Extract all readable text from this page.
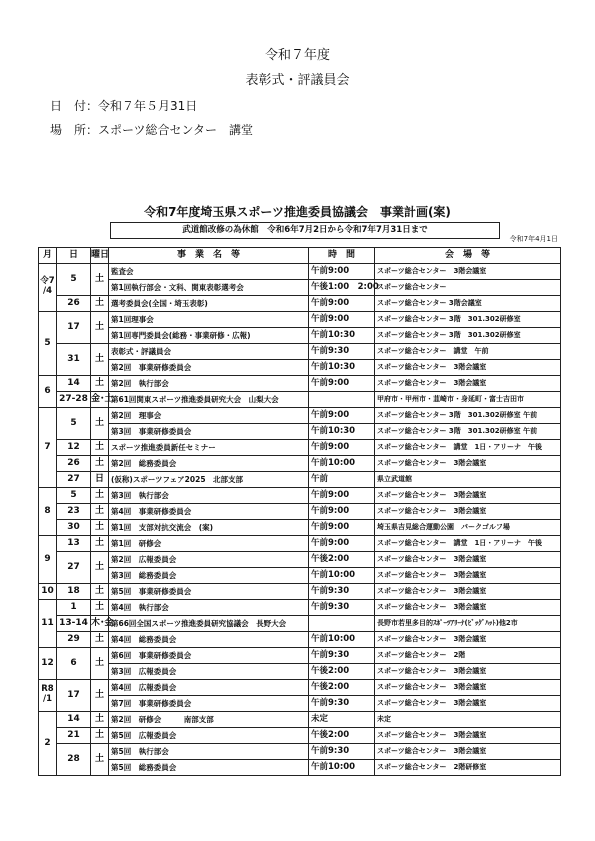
令和７年度
表彰式・評議員会
日　付：令和７年５月31日
場　所：スポーツ総合センター　講堂
令和7年度埼玉県スポーツ推進委員協議会　事業計画(案)
武道館改修の為休館　令和6年7月2日から令和7年7月31日まで
令和7年4月1日
月	日	曜日	事　業　名　等	時　間	会　場　等
令7
/4	5	土	監査会	午前9:00	スポーツ総合センター　3階会議室
			第1回執行部会・文科、関東表彰選考会	午後1:00　2:00	スポーツ総合センター
	26	土	選考委員会(全国・埼玉表彰)	午前9:00	スポーツ総合センター 3階会議室
5	17	土	第1回理事会	午前9:00	スポーツ総合センター 3階　301.302研修室
			第1回専門委員会(総務・事業研修・広報)	午前10:30	スポーツ総合センター 3階　301.302研修室
	31	土	表彰式・評議員会	午前9:30	スポーツ総合センター　講堂　午前
			第2回　事業研修委員会	午前10:30	スポーツ総合センター　3階会議室
6	14	土	第2回　執行部会	午前9:00	スポーツ総合センター　3階会議室
	27-28	金･土	第61回関東スポーツ推進委員研究大会　山梨大会		甲府市・甲州市・韮崎市・身延町・富士吉田市
7	5	土	第2回　理事会	午前9:00	スポーツ総合センター 3階　301.302研修室 午前
			第3回　事業研修委員会	午前10:30	スポーツ総合センター 3階　301.302研修室 午前
	12	土	スポーツ推進委員新任セミナー	午前9:00	スポーツ総合センター　講堂　1日・アリーナ　午後
	26	土	第2回　総務委員会	午前10:00	スポーツ総合センター　3階会議室
	27	日	(仮称)スポーツフェア2025　北部支部	午前	県立武道館
8	5	土	第3回　執行部会	午前9:00	スポーツ総合センター　3階会議室
	23	土	第4回　事業研修委員会	午前9:00	スポーツ総合センター　3階会議室
	30	土	第1回　支部対抗交流会　(案)	午前9:00	埼玉県吉見総合運動公園　パークゴルフ場
9	13	土	第1回　研修会	午前9:00	スポーツ総合センター　講堂　1日・アリーナ　午後
	27	土	第2回　広報委員会	午後2:00	スポーツ総合センター　3階会議室
			第3回　総務委員会	午前10:00	スポーツ総合センター　3階会議室
10	18	土	第5回　事業研修委員会	午前9:30	スポーツ総合センター　3階会議室
11	1	土	第4回　執行部会	午前9:30	スポーツ総合センター　3階会議室
	13-14	木･金	第66回全国スポーツ推進委員研究協議会　長野大会		長野市若里多目的ｽﾎﾟｰﾂｱﾘｰﾅ(ﾋﾞｯｸﾞﾊｯﾄ)他2市
	29	土	第4回　総務委員会	午前10:00	スポーツ総合センター　3階会議室
12	6	土	第6回　事業研修委員会	午前9:30	スポーツ総合センター　2階
			第3回　広報委員会	午後2:00	スポーツ総合センター　3階会議室
R8
/1	17	土	第4回　広報委員会	午後2:00	スポーツ総合センター　3階会議室
			第7回　事業研修委員会	午前9:30	スポーツ総合センター　3階会議室
2	14	土	第2回　研修会　　　南部支部	未定	未定
	21	土	第5回　広報委員会	午後2:00	スポーツ総合センター　3階会議室
	28	土	第5回　執行部会	午前9:30	スポーツ総合センター　3階会議室
			第5回　総務委員会	午前10:00	スポーツ総合センター　2階研修室
